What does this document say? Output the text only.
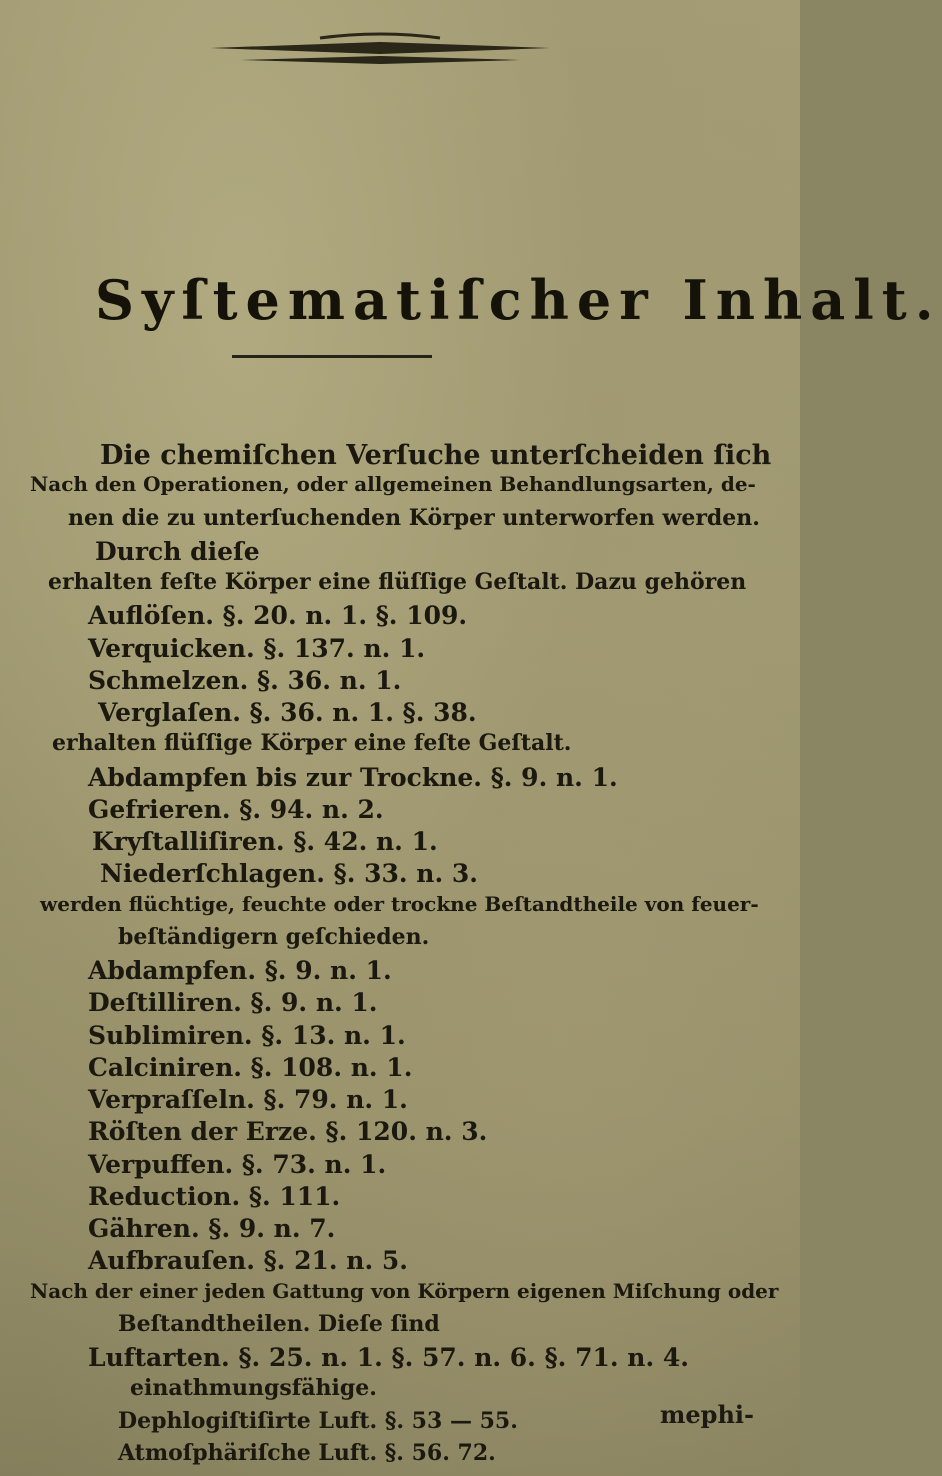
Syſtematiſcher Inhalt.
Die chemiſchen Verſuche unterſcheiden ſich
Nach den Operationen, oder allgemeinen Behandlungsarten, de-
nen die zu unterſuchenden Körper unterworfen werden.
Durch dieſe
erhalten feſte Körper eine flüſſige Geſtalt. Dazu gehören
Auflöſen. §. 20. n. 1. §. 109.
Verquicken. §. 137. n. 1.
Schmelzen. §. 36. n. 1.
Verglaſen. §. 36. n. 1. §. 38.
erhalten flüſſige Körper eine feſte Geſtalt.
Abdampfen bis zur Trockne. §. 9. n. 1.
Gefrieren. §. 94. n. 2.
Kryſtalliſiren. §. 42. n. 1.
Niederſchlagen. §. 33. n. 3.
werden flüchtige, feuchte oder trockne Beſtandtheile von feuer-
beſtändigern geſchieden.
Abdampfen. §. 9. n. 1.
Deſtilliren. §. 9. n. 1.
Sublimiren. §. 13. n. 1.
Calciniren. §. 108. n. 1.
Verpraſſeln. §. 79. n. 1.
Röſten der Erze. §. 120. n. 3.
Verpuffen. §. 73. n. 1.
Reduction. §. 111.
Gähren. §. 9. n. 7.
Aufbrauſen. §. 21. n. 5.
Nach der einer jeden Gattung von Körpern eigenen Miſchung oder
Beſtandtheilen. Dieſe ſind
Luftarten. §. 25. n. 1. §. 57. n. 6. §. 71. n. 4.
einathmungsfähige.
Dephlogiſtiſirte Luft. §. 53 — 55.
Atmoſphäriſche Luft. §. 56. 72.
mephi-
